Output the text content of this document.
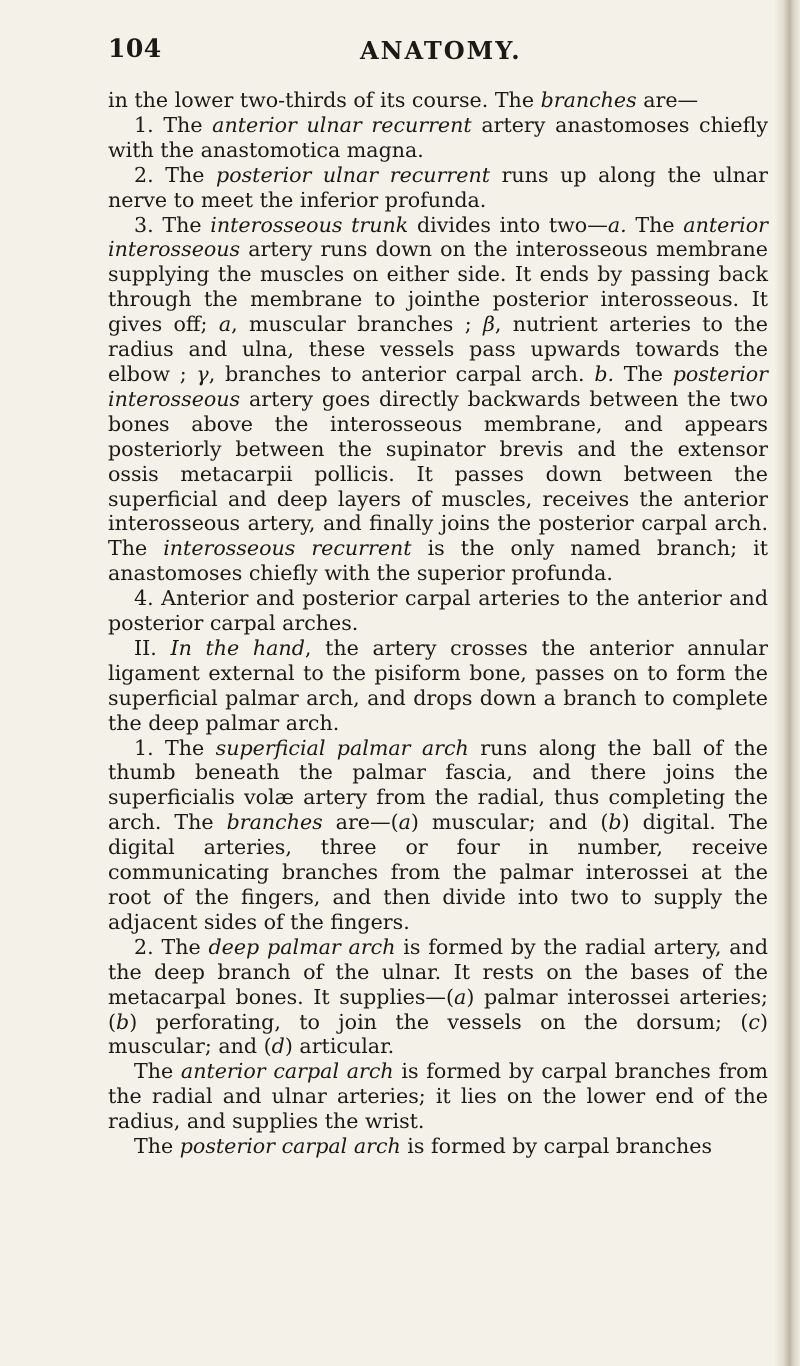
104	ANATOMY.

in the lower two-thirds of its course. The branches are—

1. The anterior ulnar recurrent artery anastomoses chiefly with the anastomotica magna.

2. The posterior ulnar recurrent runs up along the ulnar nerve to meet the inferior profunda.

3. The interosseous trunk divides into two—a. The anterior interosseous artery runs down on the interosseous membrane supplying the muscles on either side. It ends by passing back through the membrane to jointhe posterior interosseous. It gives off; a, muscular branches ; β, nutrient arteries to the radius and ulna, these vessels pass upwards towards the elbow ; γ, branches to anterior carpal arch. b. The posterior interosseous artery goes directly backwards between the two bones above the interosseous membrane, and appears posteriorly between the supinator brevis and the extensor ossis metacarpii pollicis. It passes down between the superficial and deep layers of muscles, receives the anterior interosseous artery, and finally joins the posterior carpal arch. The interosseous recurrent is the only named branch; it anastomoses chiefly with the superior profunda.

4. Anterior and posterior carpal arteries to the anterior and posterior carpal arches.

II. In the hand, the artery crosses the anterior annular ligament external to the pisiform bone, passes on to form the superficial palmar arch, and drops down a branch to complete the deep palmar arch.

1. The superficial palmar arch runs along the ball of the thumb beneath the palmar fascia, and there joins the superficialis volæ artery from the radial, thus completing the arch. The branches are—(a) muscular; and (b) digital. The digital arteries, three or four in number, receive communicating branches from the palmar interossei at the root of the fingers, and then divide into two to supply the adjacent sides of the fingers.

2. The deep palmar arch is formed by the radial artery, and the deep branch of the ulnar. It rests on the bases of the metacarpal bones. It supplies—(a) palmar interossei arteries; (b) perforating, to join the vessels on the dorsum; (c) muscular; and (d) articular.

The anterior carpal arch is formed by carpal branches from the radial and ulnar arteries; it lies on the lower end of the radius, and supplies the wrist.

The posterior carpal arch is formed by carpal branches
